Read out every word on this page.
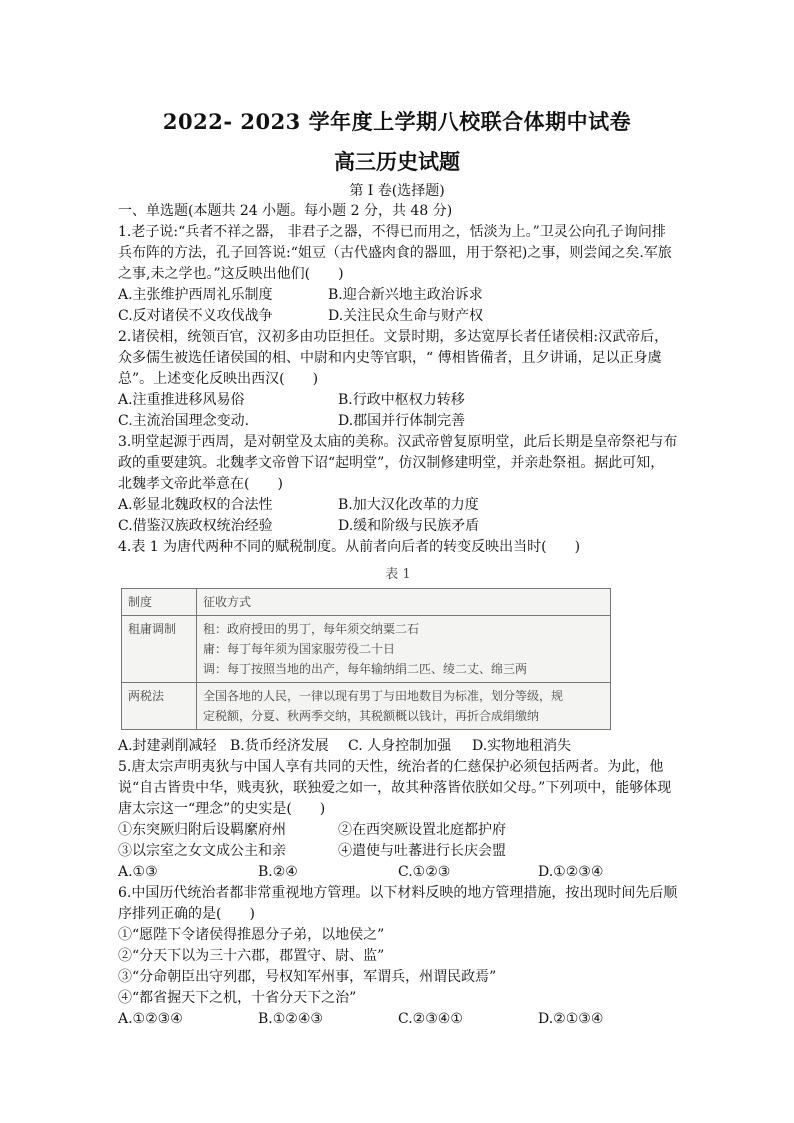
2022- 2023 学年度上学期八校联合体期中试卷
高三历史试题
第 I 卷(选择题)

一、单选题(本题共 24 小题。每小题 2 分，共 48 分)

1.老子说:“兵者不祥之器， 非君子之器，不得已而用之，恬淡为上。”卫灵公向孔子询问排兵布阵的方法，孔子回答说:“姐豆（古代盛肉食的器皿，用于祭祀)之事，则尝闻之矣.军旅之事,未之学也。”这反映出他们(　　)

A.主张维护西周礼乐制度	B.迎合新兴地主政治诉求
C.反对诸侯不义攻伐战争	D.关注民众生命与财产权

2.诸侯相，统领百官，汉初多由功臣担任。文景时期，多达宽厚长者任诸侯相:汉武帝后，众多儒生被选任诸侯国的相、中尉和内史等官职，“ 傅相皆備者，且夕讲诵，足以正身虞总”。上述变化反映出西汉(　　)

A.注重推进移风易俗	B.行政中枢权力转移
C.主流治国理念变动.	D.郡国并行体制完善

3.明堂起源于西周，是对朝堂及太庙的美称。汉武帝曾复原明堂，此后长期是皇帝祭祀与布政的重要建筑。北魏孝文帝曾下诏“起明堂”，仿汉制修建明堂，并亲赴祭祖。据此可知，北魏孝文帝此举意在(　　)

A.彰显北魏政权的合法性	B.加大汉化改革的力度
C.借鉴汉族政权统治经验	D.缓和阶级与民族矛盾

4.表 1 为唐代两种不同的赋税制度。从前者向后者的转变反映出当时(　　)

表 1
制度	征收方式
租庸调制	租：政府授田的男丁，每年须交纳粟二石
庸：每丁每年须为国家服劳役二十日
调：每丁按照当地的出产，每年输纳绢二匹、绫二丈、绵三两

两税法	全国各地的人民，一律以现有男丁与田地数目为标准，划分等级，规
定税额，分夏、秋两季交纳，其税额概以钱计，再折合成绢缴纳
A.封建剥削减轻 B.货币经济发展	C. 人身控制加强	D.实物地租消失

5.唐太宗声明夷狄与中国人享有共同的天性，统治者的仁慈保护必须包括两者。为此，他说“自古皆贵中华，贱夷狄，联独爱之如一，故其种落皆依朕如父母。”下列项中，能够体现唐太宗这一“理念”的史实是(　　)

①东突厥归附后设羁縻府州	②在西突厥设置北庭都护府
③以宗室之女文成公主和亲	④遣使与吐蕃进行长庆会盟
A.①③	B.②④	C.①②③	D.①②③④

6.中国历代统治者都非常重视地方管理。以下材料反映的地方管理措施，按出现时间先后顺序排列正确的是(　　)

①“愿陛下令诸侯得推恩分子弟，以地侯之”

②“分天下以为三十六郡，郡置守、尉、监”

③“分命朝臣出守列郡，号权知军州事，军谓兵，州谓民政焉”

④“都省握天下之机，十省分天下之治”

A.①②③④	B.①②④③	C.②③④①	D.②①③④
